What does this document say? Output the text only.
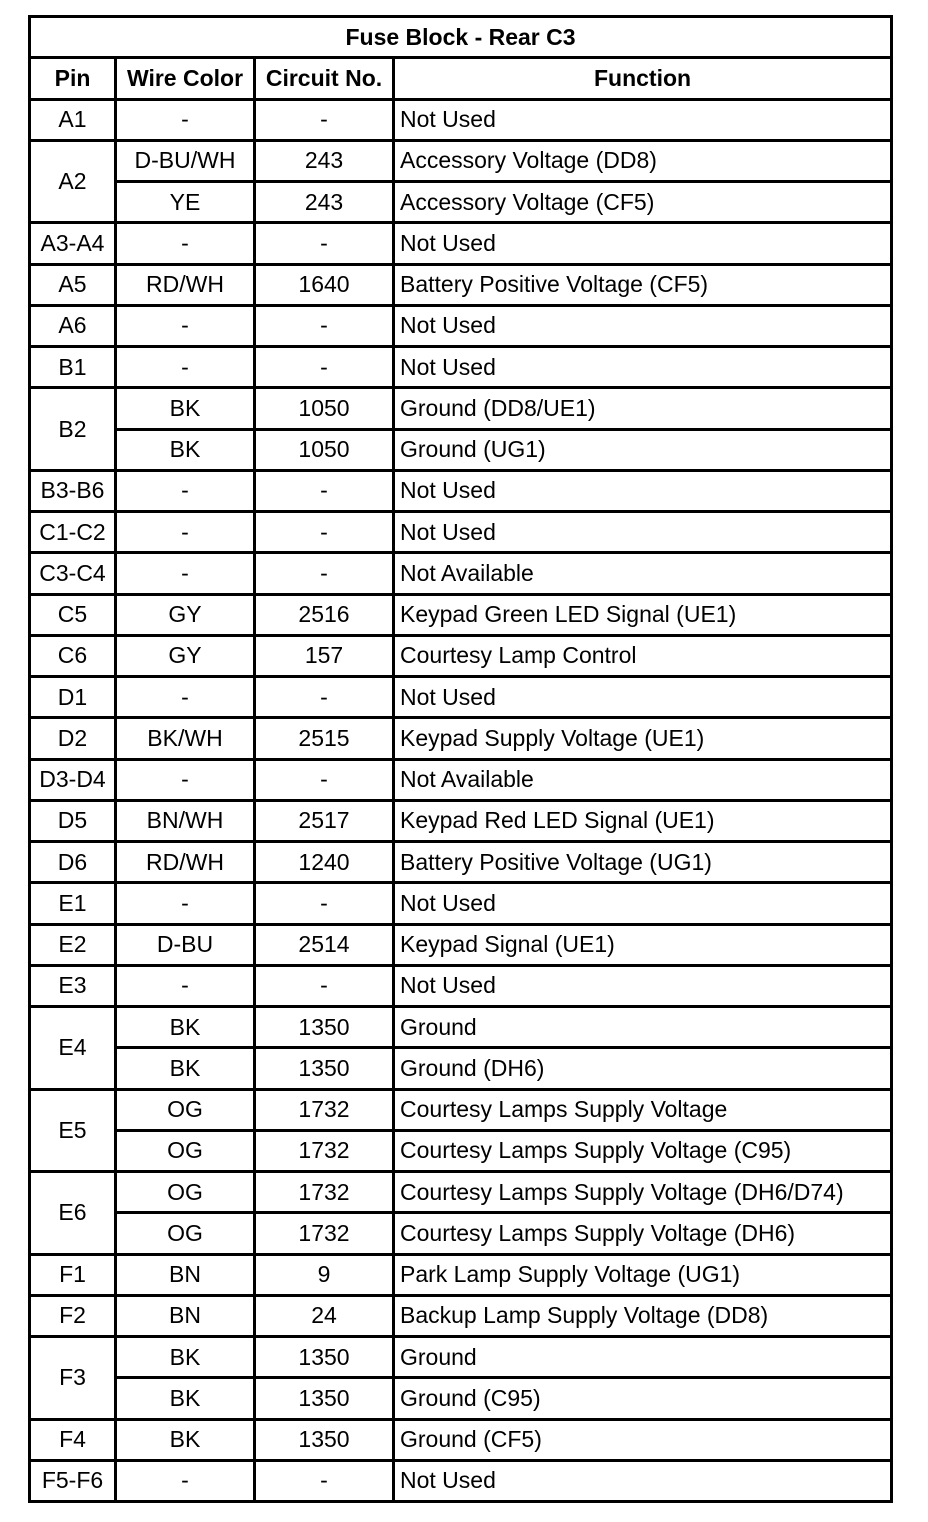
Fuse Block - Rear C3			
Pin	Wire Color	Circuit No.	Function
A1	-	-	Not Used
A2	D-BU/WH	243	Accessory Voltage (DD8)
	YE	243	Accessory Voltage (CF5)
A3-A4	-	-	Not Used
A5	RD/WH	1640	Battery Positive Voltage (CF5)
A6	-	-	Not Used
B1	-	-	Not Used
B2	BK	1050	Ground (DD8/UE1)
	BK	1050	Ground (UG1)
B3-B6	-	-	Not Used
C1-C2	-	-	Not Used
C3-C4	-	-	Not Available
C5	GY	2516	Keypad Green LED Signal (UE1)
C6	GY	157	Courtesy Lamp Control
D1	-	-	Not Used
D2	BK/WH	2515	Keypad Supply Voltage (UE1)
D3-D4	-	-	Not Available
D5	BN/WH	2517	Keypad Red LED Signal (UE1)
D6	RD/WH	1240	Battery Positive Voltage (UG1)
E1	-	-	Not Used
E2	D-BU	2514	Keypad Signal (UE1)
E3	-	-	Not Used
E4	BK	1350	Ground
	BK	1350	Ground (DH6)
E5	OG	1732	Courtesy Lamps Supply Voltage
	OG	1732	Courtesy Lamps Supply Voltage (C95)
E6	OG	1732	Courtesy Lamps Supply Voltage (DH6/D74)
	OG	1732	Courtesy Lamps Supply Voltage (DH6)
F1	BN	9	Park Lamp Supply Voltage (UG1)
F2	BN	24	Backup Lamp Supply Voltage (DD8)
F3	BK	1350	Ground
	BK	1350	Ground (C95)
F4	BK	1350	Ground (CF5)
F5-F6	-	-	Not Used
